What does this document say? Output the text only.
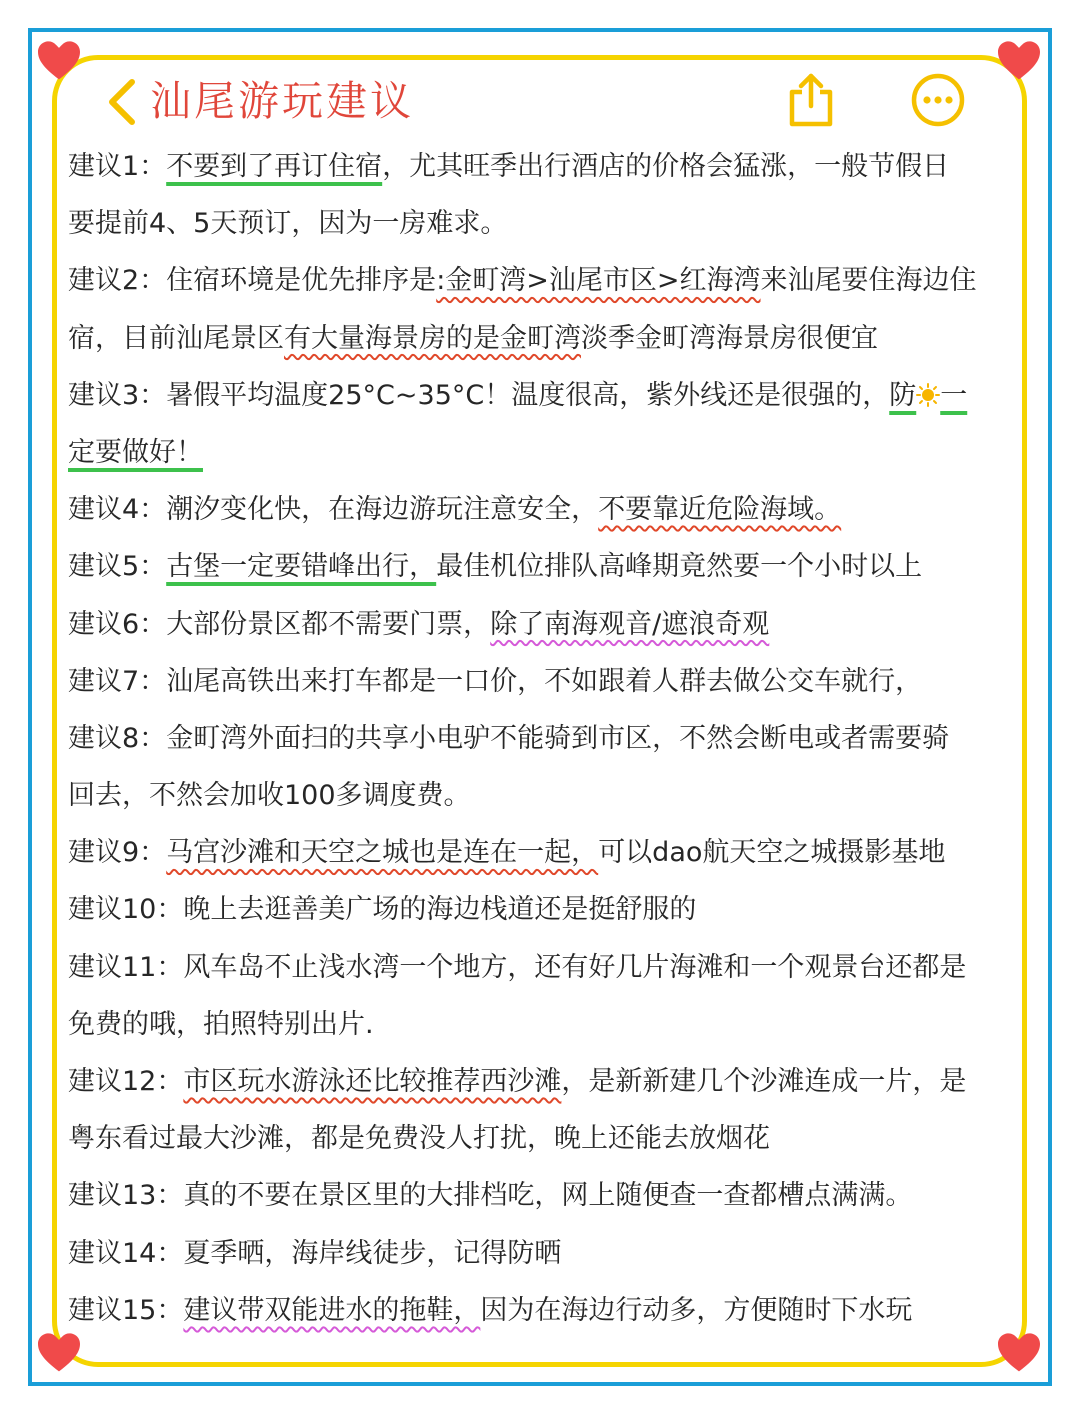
汕尾游玩建议
建议1：不要到了再订住宿，尤其旺季出行酒店的价格会猛涨，一般节假日
要提前4、5天预订，因为一房难求。
建议2：住宿环境是优先排序是:金町湾>汕尾市区>红海湾来汕尾要住海边住
宿，目前汕尾景区有大量海景房的是金町湾淡季金町湾海景房很便宜
建议3：暑假平均温度25°C~35°C！温度很高，紫外线还是很强的，防 一
定要做好！
建议4：潮汐变化快，在海边游玩注意安全，不要靠近危险海域。
建议5：古堡一定要错峰出行，最佳机位排队高峰期竟然要一个小时以上
建议6：大部份景区都不需要门票，除了南海观音/遮浪奇观
建议7：汕尾高铁出来打车都是一口价，不如跟着人群去做公交车就行，
建议8：金町湾外面扫的共享小电驴不能骑到市区，不然会断电或者需要骑
回去，不然会加收100多调度费。
建议9：马宫沙滩和天空之城也是连在一起，可以dao航天空之城摄影基地
建议10：晚上去逛善美广场的海边栈道还是挺舒服的
建议11：风车岛不止浅水湾一个地方，还有好几片海滩和一个观景台还都是
免费的哦，拍照特别出片.
建议12：市区玩水游泳还比较推荐西沙滩，是新新建几个沙滩连成一片，是
粤东看过最大沙滩，都是免费没人打扰，晚上还能去放烟花
建议13：真的不要在景区里的大排档吃，网上随便查一查都槽点满满。
建议14：夏季晒，海岸线徒步，记得防晒
建议15：建议带双能进水的拖鞋，因为在海边行动多，方便随时下水玩
